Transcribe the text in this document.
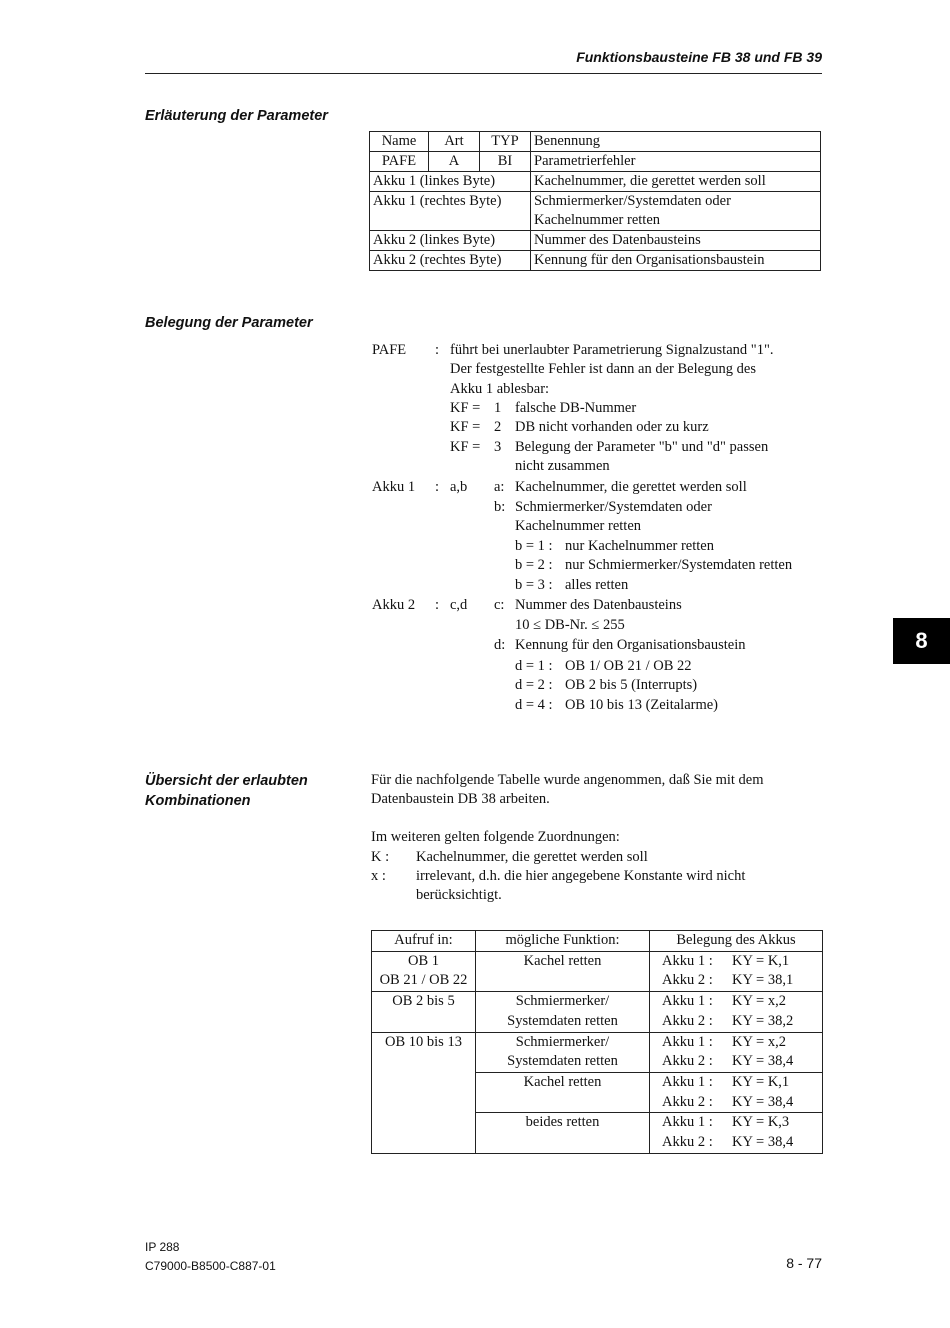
Funktionsbausteine FB 38 und FB 39
Erläuterung der Parameter
Name	Art	TYP	Benennung
PAFE	A	BI	Parametrierfehler
Akku 1 (linkes Byte)			Kachelnummer, die gerettet werden soll
Akku 1 (rechtes Byte)			Schmiermerker/Systemdaten oder
Kachelnummer retten
Akku 2 (linkes Byte)			Nummer des Datenbausteins
Akku 2 (rechtes Byte)			Kennung für den Organisationsbaustein
Belegung der Parameter
PAFE : führt bei unerlaubter Parametrierung Signalzustand "1".
Der festgestellte Fehler ist dann an der Belegung des
Akku 1 ablesbar:
KF = 1 falsche DB-Nummer
KF = 2 DB nicht vorhanden oder zu kurz
KF = 3 Belegung der Parameter "b" und "d" passen
nicht zusammen
Akku 1 : a,b a: Kachelnummer, die gerettet werden soll
b: Schmiermerker/Systemdaten oder
Kachelnummer retten
b = 1 : nur Kachelnummer retten
b = 2 : nur Schmiermerker/Systemdaten retten
b = 3 : alles retten
Akku 2 : c,d c: Nummer des Datenbausteins
10 ≤ DB-Nr. ≤ 255
d: Kennung für den Organisationsbaustein
d = 1 : OB 1/ OB 21 / OB 22
d = 2 : OB 2 bis 5 (Interrupts)
d = 4 : OB 10 bis 13 (Zeitalarme)
Übersicht der erlaubten
Kombinationen
Für die nachfolgende Tabelle wurde angenommen, daß Sie mit dem
Datenbaustein DB 38 arbeiten.
Im weiteren gelten folgende Zuordnungen:
K : Kachelnummer, die gerettet werden soll
x : irrelevant, d.h. die hier angegebene Konstante wird nicht
berücksichtigt.
Aufruf in:	mögliche Funktion:	Belegung des Akkus
OB 1
OB 21 / OB 22	Kachel retten	Akku 1 : KY = K,1
Akku 2 : KY = 38,1
OB 2 bis 5	Schmiermerker/
Systemdaten retten	Akku 1 : KY = x,2
Akku 2 : KY = 38,2
OB 10 bis 13	Schmiermerker/
Systemdaten retten	Akku 1 : KY = x,2
Akku 2 : KY = 38,4
	Kachel retten	Akku 1 : KY = K,1
Akku 2 : KY = 38,4
	beides retten	Akku 1 : KY = K,3
Akku 2 : KY = 38,4
8
IP 288
C79000-B8500-C887-01	8 - 77
